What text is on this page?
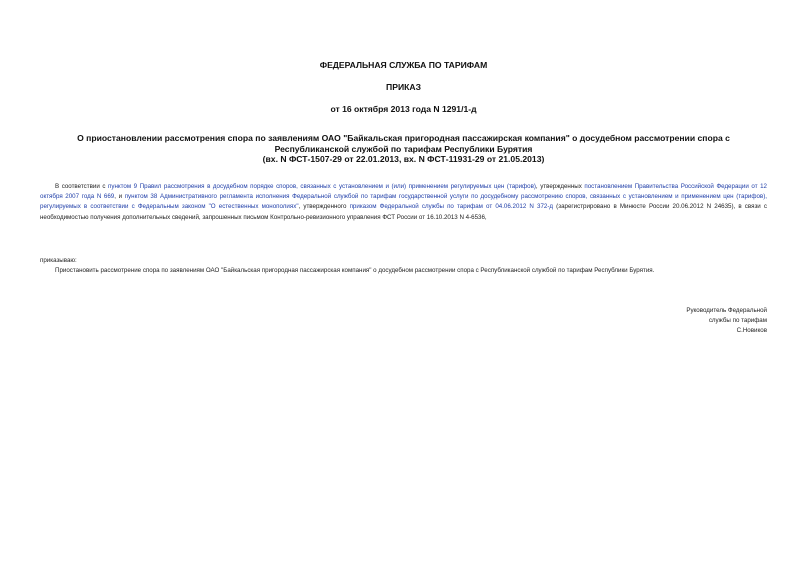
ФЕДЕРАЛЬНАЯ СЛУЖБА ПО ТАРИФАМ
ПРИКАЗ
от 16 октября 2013 года N 1291/1-д
О приостановлении рассмотрения спора по заявлениям ОАО "Байкальская пригородная пассажирская компания" о досудебном рассмотрении спора с
Республиканской службой по тарифам Республики Бурятия
(вх. N ФСТ-1507-29 от 22.01.2013, вх. N ФСТ-11931-29 от 21.05.2013)
В соответствии с пунктом 9 Правил рассмотрения в досудебном порядке споров, связанных с установлением и (или) применением регулируемых цен (тарифов), утвержденных постановлением Правительства Российской Федерации от 12 октября 2007 года N 669, и пунктом 38 Административного регламента исполнения Федеральной службой по тарифам государственной услуги по досудебному рассмотрению споров, связанных с установлением и применением цен (тарифов), регулируемых в соответствии с Федеральным законом "О естественных монополиях", утвержденного приказом Федеральной службы по тарифам от 04.06.2012 N 372-д (зарегистрировано в Минюсте России 20.06.2012 N 24635), в связи с необходимостью получения дополнительных сведений, запрошенных письмом Контрольно-ревизионного управления ФСТ России от 16.10.2013 N 4-6536,
приказываю:
Приостановить рассмотрение спора по заявлениям ОАО "Байкальская пригородная пассажирская компания" о досудебном рассмотрении спора с Республиканской службой по тарифам Республики Бурятия.
Руководитель Федеральной
службы по тарифам
С.Новиков
